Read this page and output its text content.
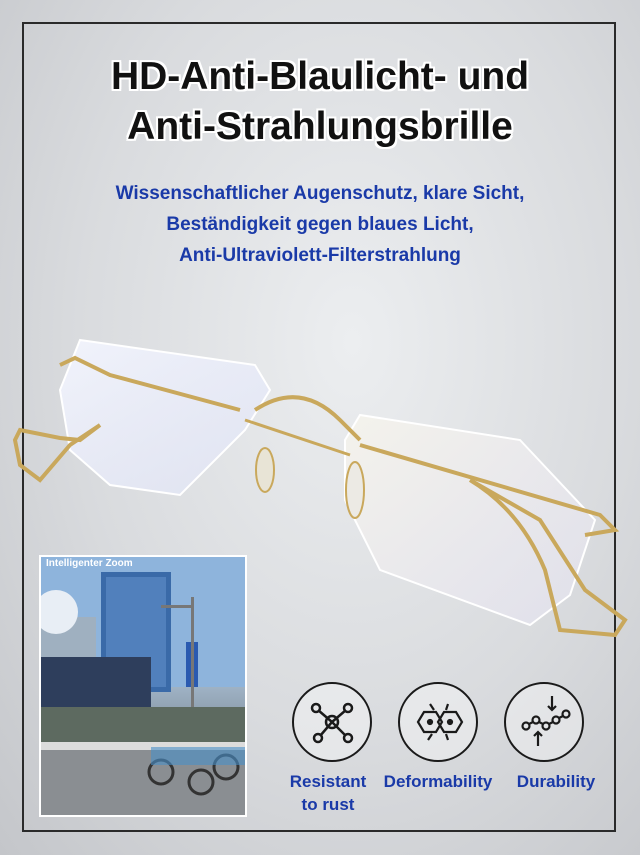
HD-Anti-Blaulicht- und
Anti-Strahlungsbrille
Wissenschaftlicher Augenschutz, klare Sicht,
Beständigkeit gegen blaues Licht,
Anti-Ultraviolett-Filterstrahlung
Intelligenter Zoom
Resistant
to rust
Deformability	Durability
